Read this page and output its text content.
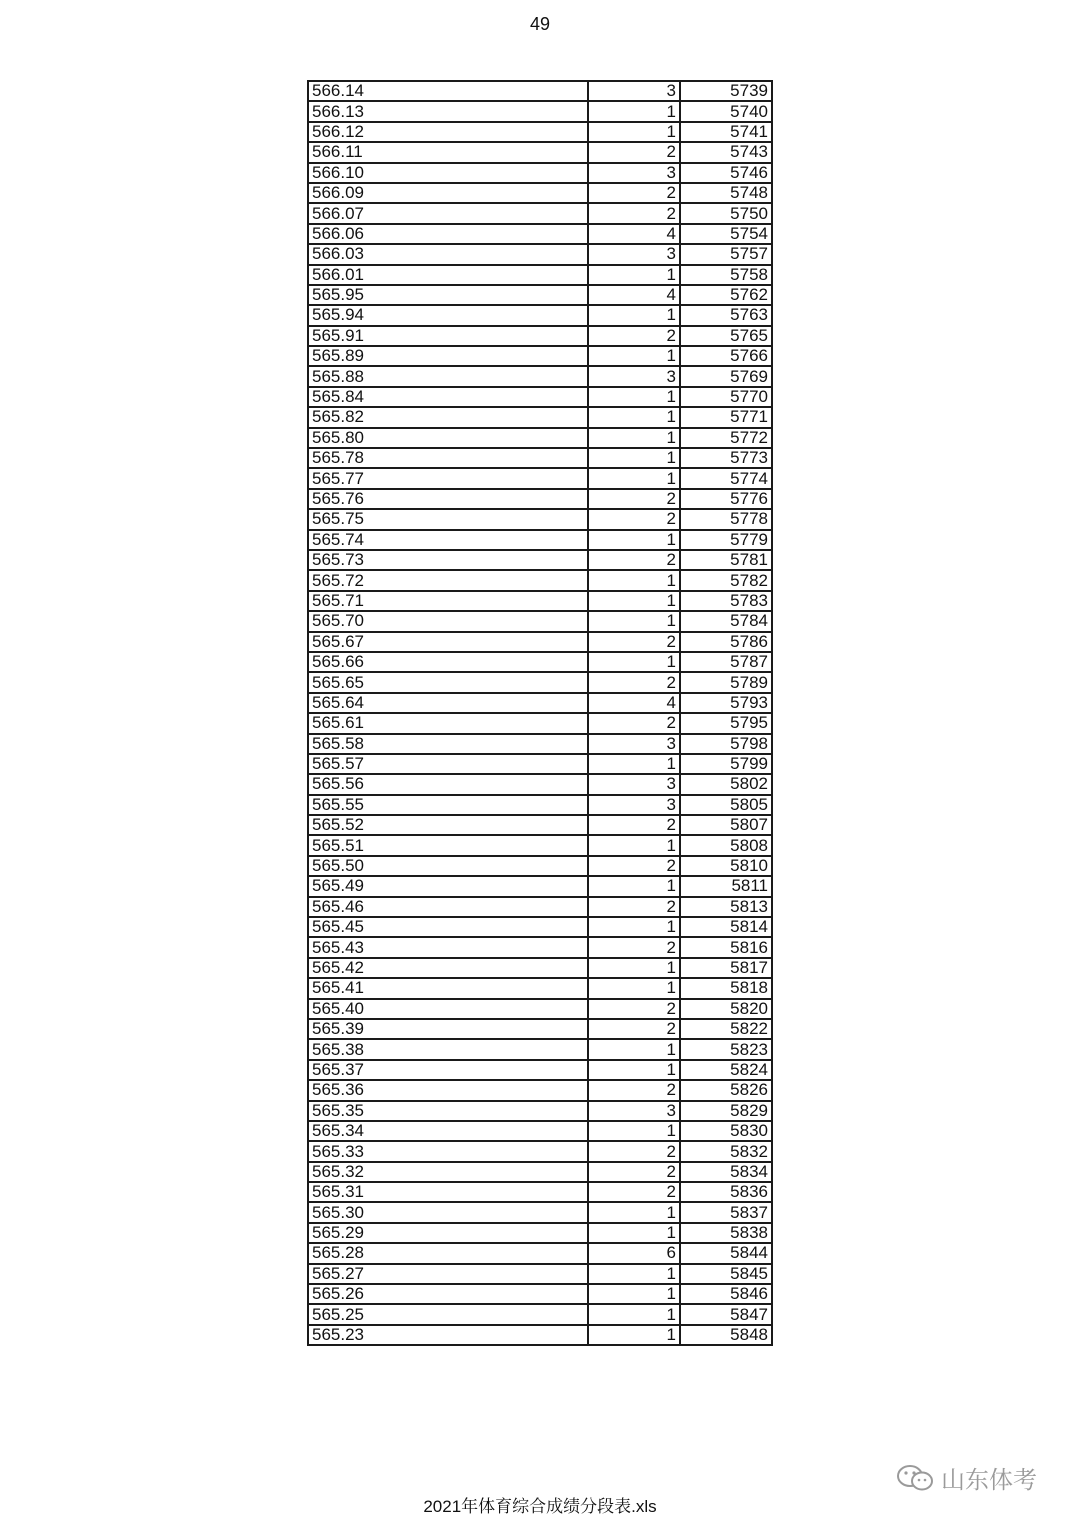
49
566.14	3	5739
566.13	1	5740
566.12	1	5741
566.11	2	5743
566.10	3	5746
566.09	2	5748
566.07	2	5750
566.06	4	5754
566.03	3	5757
566.01	1	5758
565.95	4	5762
565.94	1	5763
565.91	2	5765
565.89	1	5766
565.88	3	5769
565.84	1	5770
565.82	1	5771
565.80	1	5772
565.78	1	5773
565.77	1	5774
565.76	2	5776
565.75	2	5778
565.74	1	5779
565.73	2	5781
565.72	1	5782
565.71	1	5783
565.70	1	5784
565.67	2	5786
565.66	1	5787
565.65	2	5789
565.64	4	5793
565.61	2	5795
565.58	3	5798
565.57	1	5799
565.56	3	5802
565.55	3	5805
565.52	2	5807
565.51	1	5808
565.50	2	5810
565.49	1	5811
565.46	2	5813
565.45	1	5814
565.43	2	5816
565.42	1	5817
565.41	1	5818
565.40	2	5820
565.39	2	5822
565.38	1	5823
565.37	1	5824
565.36	2	5826
565.35	3	5829
565.34	1	5830
565.33	2	5832
565.32	2	5834
565.31	2	5836
565.30	1	5837
565.29	1	5838
565.28	6	5844
565.27	1	5845
565.26	1	5846
565.25	1	5847
565.23	1	5848
2021年体育综合成绩分段表.xls
山东体考
